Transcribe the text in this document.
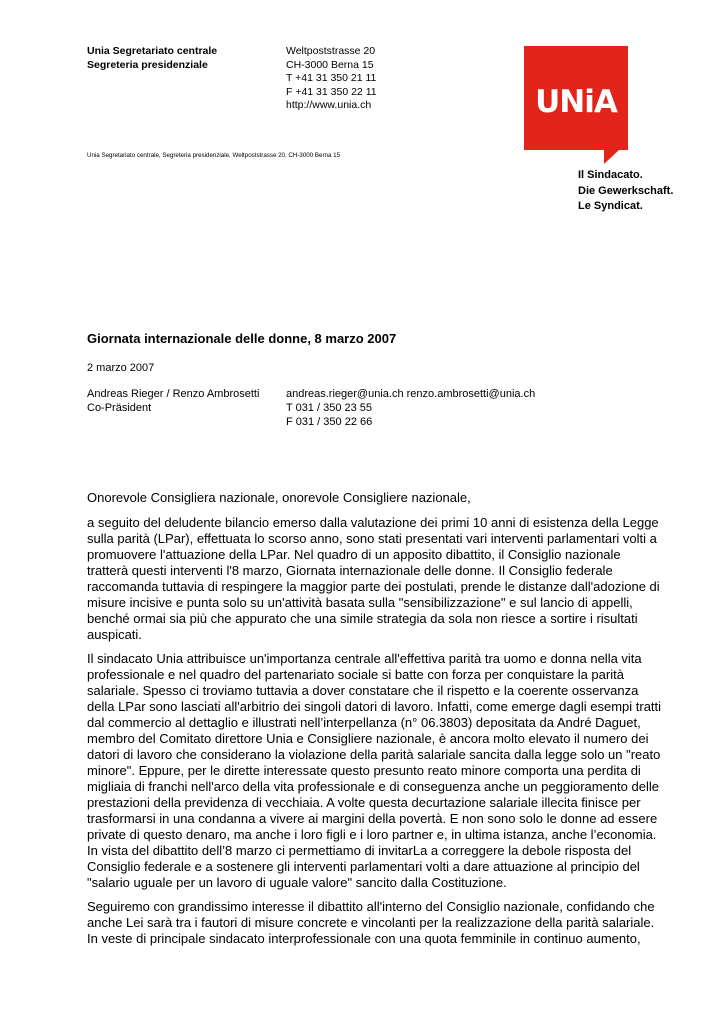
Unia Segretariato centrale
Segreteria presidenziale
Weltpoststrasse 20
CH-3000 Berna 15
T +41 31 350 21 11
F +41 31 350 22 11
http://www.unia.ch
Unia Segretariato centrale, Segreteria presidenziale, Weltpoststrasse 20, CH-3000 Berna 15
UNiA
Il Sindacato.
Die Gewerkschaft.
Le Syndicat.
Giornata internazionale delle donne, 8 marzo 2007
2 marzo 2007
Andreas Rieger / Renzo Ambrosetti
Co-Präsident
andreas.rieger@unia.ch renzo.ambrosetti@unia.ch
T 031 / 350 23 55
F 031 / 350 22 66

Onorevole Consigliera nazionale, onorevole Consigliere nazionale,

a seguito del deludente bilancio emerso dalla valutazione dei primi 10 anni di esistenza della Legge
sulla parità (LPar), effettuata lo scorso anno, sono stati presentati vari interventi parlamentari volti a
promuovere l'attuazione della LPar. Nel quadro di un apposito dibattito, il Consiglio nazionale
tratterà questi interventi l'8 marzo, Giornata internazionale delle donne. Il Consiglio federale
raccomanda tuttavia di respingere la maggior parte dei postulati, prende le distanze dall'adozione di
misure incisive e punta solo su un'attività basata sulla "sensibilizzazione" e sul lancio di appelli,
benché ormai sia più che appurato che una simile strategia da sola non riesce a sortire i risultati
auspicati.

Il sindacato Unia attribuisce un'importanza centrale all'effettiva parità tra uomo e donna nella vita
professionale e nel quadro del partenariato sociale si batte con forza per conquistare la parità
salariale. Spesso ci troviamo tuttavia a dover constatare che il rispetto e la coerente osservanza
della LPar sono lasciati all'arbitrio dei singoli datori di lavoro. Infatti, come emerge dagli esempi tratti
dal commercio al dettaglio e illustrati nell’interpellanza (n° 06.3803) depositata da André Daguet,
membro del Comitato direttore Unia e Consigliere nazionale, è ancora molto elevato il numero dei
datori di lavoro che considerano la violazione della parità salariale sancita dalla legge solo un "reato
minore". Eppure, per le dirette interessate questo presunto reato minore comporta una perdita di
migliaia di franchi nell'arco della vita professionale e di conseguenza anche un peggioramento delle
prestazioni della previdenza di vecchiaia. A volte questa decurtazione salariale illecita finisce per
trasformarsi in una condanna a vivere ai margini della povertà. E non sono solo le donne ad essere
private di questo denaro, ma anche i loro figli e i loro partner e, in ultima istanza, anche l’economia.
In vista del dibattito dell’8 marzo ci permettiamo di invitarLa a correggere la debole risposta del
Consiglio federale e a sostenere gli interventi parlamentari volti a dare attuazione al principio del
"salario uguale per un lavoro di uguale valore" sancito dalla Costituzione.

Seguiremo con grandissimo interesse il dibattito all'interno del Consiglio nazionale, confidando che
anche Lei sarà tra i fautori di misure concrete e vincolanti per la realizzazione della parità salariale.
In veste di principale sindacato interprofessionale con una quota femminile in continuo aumento,
